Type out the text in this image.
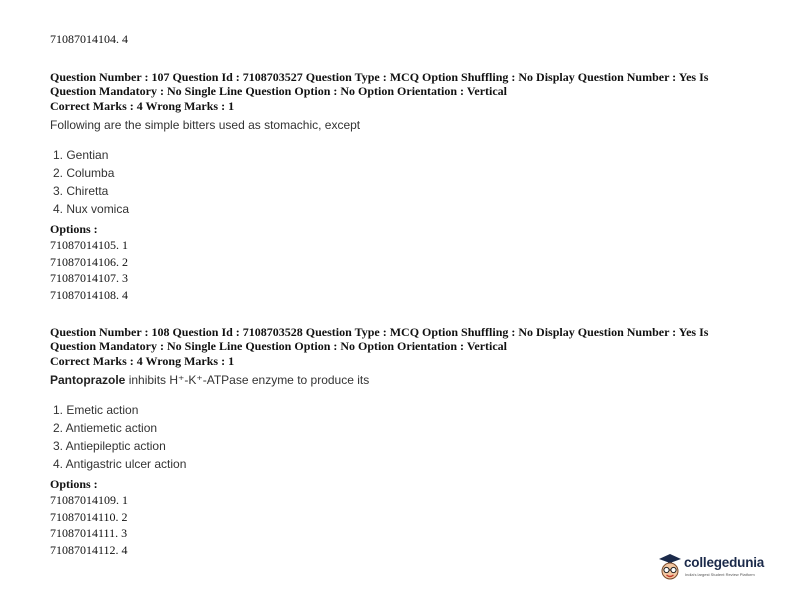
71087014104. 4
Question Number : 107 Question Id : 7108703527 Question Type : MCQ Option Shuffling : No Display Question Number : Yes Is
Question Mandatory : No Single Line Question Option : No Option Orientation : Vertical
Correct Marks : 4 Wrong Marks : 1
Following are the simple bitters used as stomachic, except
1. Gentian
2. Columba
3. Chiretta
4. Nux vomica
Options :
71087014105. 1
71087014106. 2
71087014107. 3
71087014108. 4
Question Number : 108 Question Id : 7108703528 Question Type : MCQ Option Shuffling : No Display Question Number : Yes Is
Question Mandatory : No Single Line Question Option : No Option Orientation : Vertical
Correct Marks : 4 Wrong Marks : 1
Pantoprazole inhibits H⁺-K⁺-ATPase enzyme to produce its
1. Emetic action
2. Antiemetic action
3. Antiepileptic action
4. Antigastric ulcer action
Options :
71087014109. 1
71087014110. 2
71087014111. 3
71087014112. 4
collegedunia
India's largest Student Review Platform
